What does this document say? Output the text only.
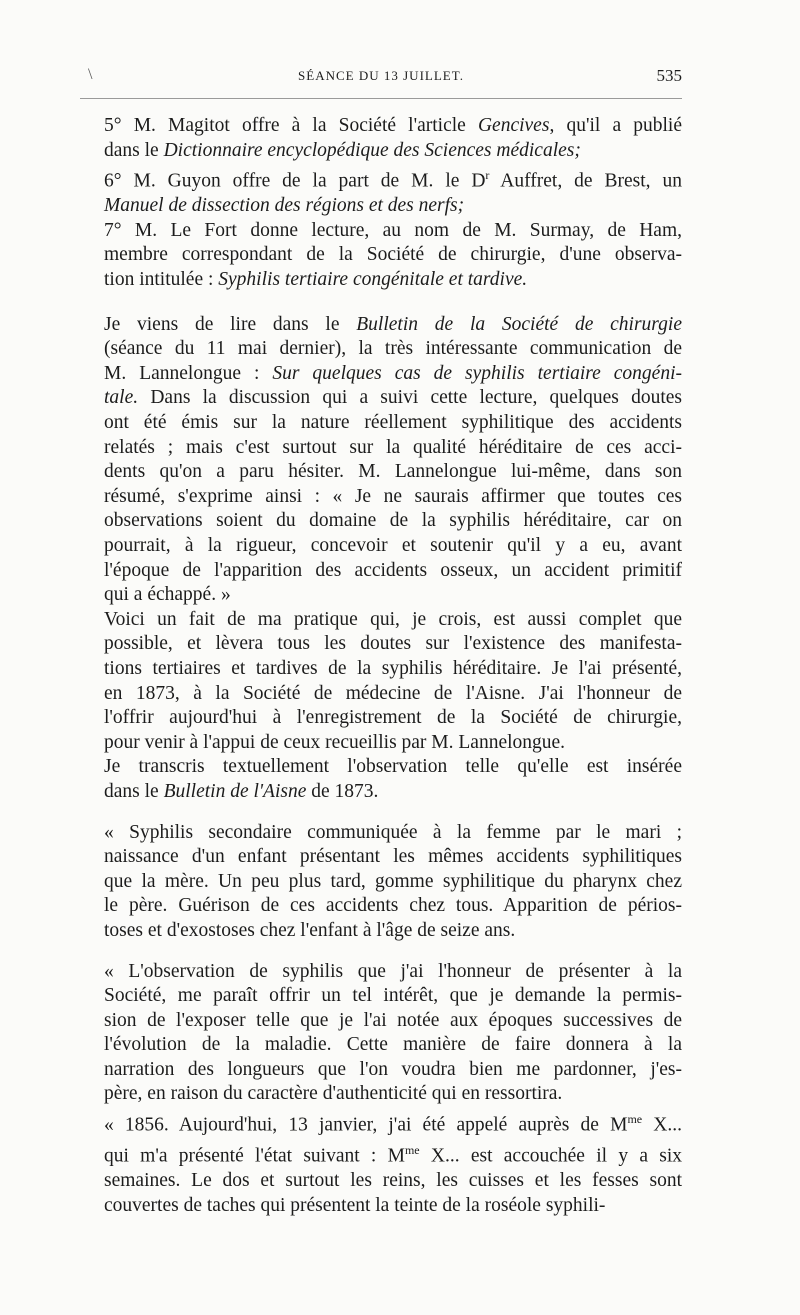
\	SÉANCE DU 13 JUILLET.	535

5° M. Magitot offre à la Société l'article Gencives, qu'il a publié
dans le Dictionnaire encyclopédique des Sciences médicales;

6° M. Guyon offre de la part de M. le $D^r$ Auffret, de Brest, un
Manuel de dissection des régions et des nerfs;

7° M. Le Fort donne lecture, au nom de M. Surmay, de Ham,
membre correspondant de la Société de chirurgie, d'une observa-
tion intitulée : Syphilis tertiaire congénitale et tardive.

Je viens de lire dans le Bulletin de la Société de chirurgie
(séance du 11 mai dernier), la très intéressante communication de
M. Lannelongue : Sur quelques cas de syphilis tertiaire congéni-
tale. Dans la discussion qui a suivi cette lecture, quelques doutes
ont été émis sur la nature réellement syphilitique des accidents
relatés ; mais c'est surtout sur la qualité héréditaire de ces acci-
dents qu'on a paru hésiter. M. Lannelongue lui-même, dans son
résumé, s'exprime ainsi : « Je ne saurais affirmer que toutes ces
observations soient du domaine de la syphilis héréditaire, car on
pourrait, à la rigueur, concevoir et soutenir qu'il y a eu, avant
l'époque de l'apparition des accidents osseux, un accident primitif
qui a échappé. »

Voici un fait de ma pratique qui, je crois, est aussi complet que
possible, et lèvera tous les doutes sur l'existence des manifesta-
tions tertiaires et tardives de la syphilis héréditaire. Je l'ai présenté,
en 1873, à la Société de médecine de l'Aisne. J'ai l'honneur de
l'offrir aujourd'hui à l'enregistrement de la Société de chirurgie,
pour venir à l'appui de ceux recueillis par M. Lannelongue.

Je transcris textuellement l'observation telle qu'elle est insérée
dans le Bulletin de l'Aisne de 1873.

« Syphilis secondaire communiquée à la femme par le mari ;
naissance d'un enfant présentant les mêmes accidents syphilitiques
que la mère. Un peu plus tard, gomme syphilitique du pharynx chez
le père. Guérison de ces accidents chez tous. Apparition de périos-
toses et d'exostoses chez l'enfant à l'âge de seize ans.

« L'observation de syphilis que j'ai l'honneur de présenter à la
Société, me paraît offrir un tel intérêt, que je demande la permis-
sion de l'exposer telle que je l'ai notée aux époques successives de
l'évolution de la maladie. Cette manière de faire donnera à la
narration des longueurs que l'on voudra bien me pardonner, j'es-
père, en raison du caractère d'authenticité qui en ressortira.

« 1856. Aujourd'hui, 13 janvier, j'ai été appelé auprès de $M^{me}$ X...
qui m'a présenté l'état suivant : $M^{me}$ X... est accouchée il y a six
semaines. Le dos et surtout les reins, les cuisses et les fesses sont
couvertes de taches qui présentent la teinte de la roséole syphili-
